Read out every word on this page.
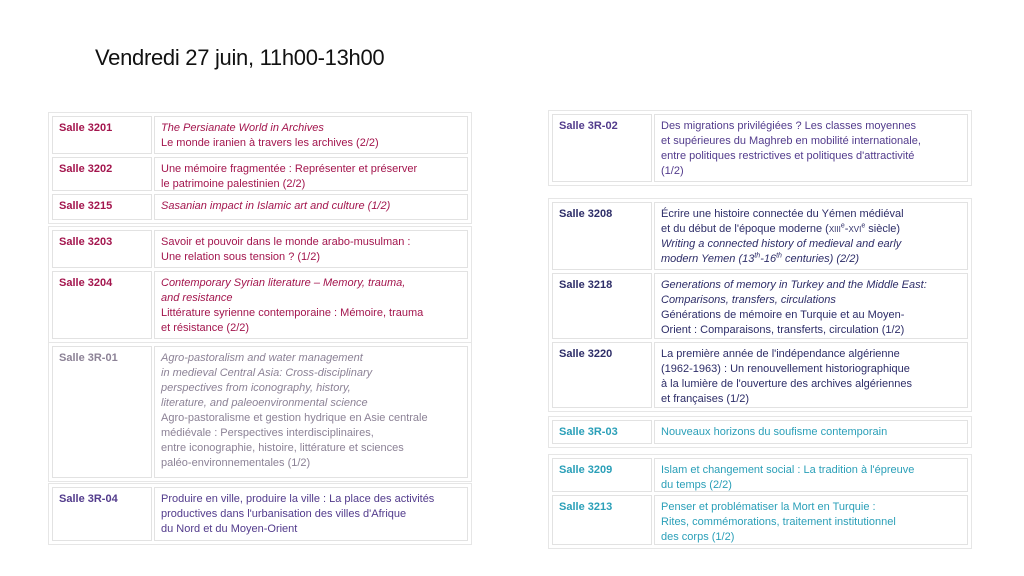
Vendredi 27 juin, 11h00-13h00
Salle 3201	The Persianate World in Archives
Le monde iranien à travers les archives (2/2)
Salle 3202	Une mémoire fragmentée : Représenter et préserver
le patrimoine palestinien (2/2)
Salle 3215	Sasanian impact in Islamic art and culture (1/2)
Salle 3203	Savoir et pouvoir dans le monde arabo-musulman :
Une relation sous tension ? (1/2)
Salle 3204	Contemporary Syrian literature – Memory, trauma,
and resistance
Littérature syrienne contemporaine : Mémoire, trauma
et résistance (2/2)
Salle 3R-01	Agro-pastoralism and water management
in medieval Central Asia: Cross-disciplinary
perspectives from iconography, history,
literature, and paleoenvironmental science
Agro-pastoralisme et gestion hydrique en Asie centrale
médiévale : Perspectives interdisciplinaires,
entre iconographie, histoire, littérature et sciences
paléo-environnementales (1/2)
Salle 3R-04	Produire en ville, produire la ville : La place des activités
productives dans l'urbanisation des villes d'Afrique
du Nord et du Moyen-Orient
Salle 3R-02	Des migrations privilégiées ? Les classes moyennes
et supérieures du Maghreb en mobilité internationale,
entre politiques restrictives et politiques d'attractivité
(1/2)
Salle 3208	Écrire une histoire connectée du Yémen médiéval
et du début de l'époque moderne (XIIIe-XVIe siècle)
Writing a connected history of medieval and early
modern Yemen (13th-16th centuries) (2/2)
Salle 3218	Generations of memory in Turkey and the Middle East:
Comparisons, transfers, circulations
Générations de mémoire en Turquie et au Moyen-
Orient : Comparaisons, transferts, circulation (1/2)
Salle 3220	La première année de l'indépendance algérienne
(1962-1963) : Un renouvellement historiographique
à la lumière de l'ouverture des archives algériennes
et françaises (1/2)
Salle 3R-03	Nouveaux horizons du soufisme contemporain
Salle 3209	Islam et changement social : La tradition à l'épreuve
du temps (2/2)
Salle 3213	Penser et problématiser la Mort en Turquie :
Rites, commémorations, traitement institutionnel
des corps (1/2)
